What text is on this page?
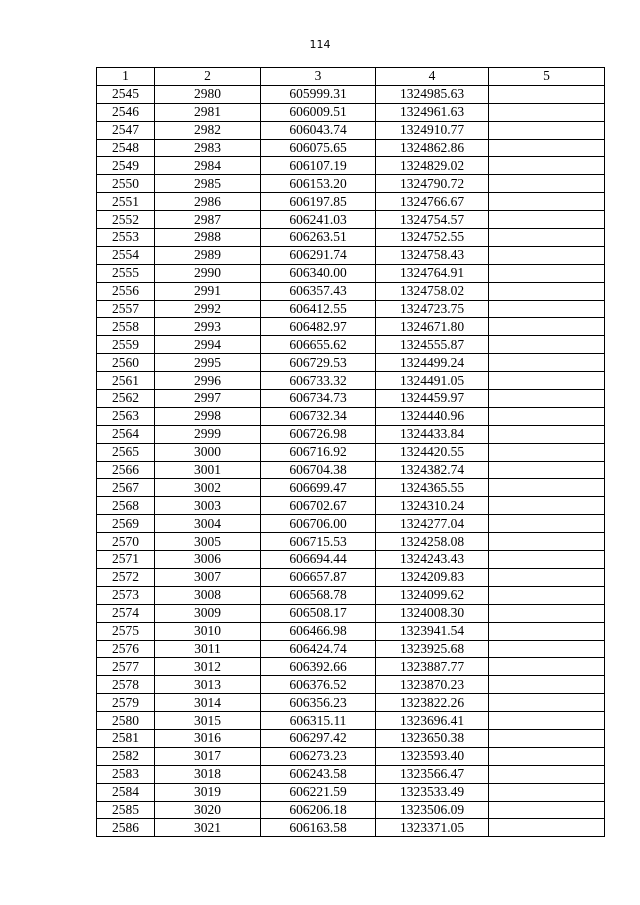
114
1	2	3	4	5
2545	2980	605999.31	1324985.63	
2546	2981	606009.51	1324961.63	
2547	2982	606043.74	1324910.77	
2548	2983	606075.65	1324862.86	
2549	2984	606107.19	1324829.02	
2550	2985	606153.20	1324790.72	
2551	2986	606197.85	1324766.67	
2552	2987	606241.03	1324754.57	
2553	2988	606263.51	1324752.55	
2554	2989	606291.74	1324758.43	
2555	2990	606340.00	1324764.91	
2556	2991	606357.43	1324758.02	
2557	2992	606412.55	1324723.75	
2558	2993	606482.97	1324671.80	
2559	2994	606655.62	1324555.87	
2560	2995	606729.53	1324499.24	
2561	2996	606733.32	1324491.05	
2562	2997	606734.73	1324459.97	
2563	2998	606732.34	1324440.96	
2564	2999	606726.98	1324433.84	
2565	3000	606716.92	1324420.55	
2566	3001	606704.38	1324382.74	
2567	3002	606699.47	1324365.55	
2568	3003	606702.67	1324310.24	
2569	3004	606706.00	1324277.04	
2570	3005	606715.53	1324258.08	
2571	3006	606694.44	1324243.43	
2572	3007	606657.87	1324209.83	
2573	3008	606568.78	1324099.62	
2574	3009	606508.17	1324008.30	
2575	3010	606466.98	1323941.54	
2576	3011	606424.74	1323925.68	
2577	3012	606392.66	1323887.77	
2578	3013	606376.52	1323870.23	
2579	3014	606356.23	1323822.26	
2580	3015	606315.11	1323696.41	
2581	3016	606297.42	1323650.38	
2582	3017	606273.23	1323593.40	
2583	3018	606243.58	1323566.47	
2584	3019	606221.59	1323533.49	
2585	3020	606206.18	1323506.09	
2586	3021	606163.58	1323371.05	
